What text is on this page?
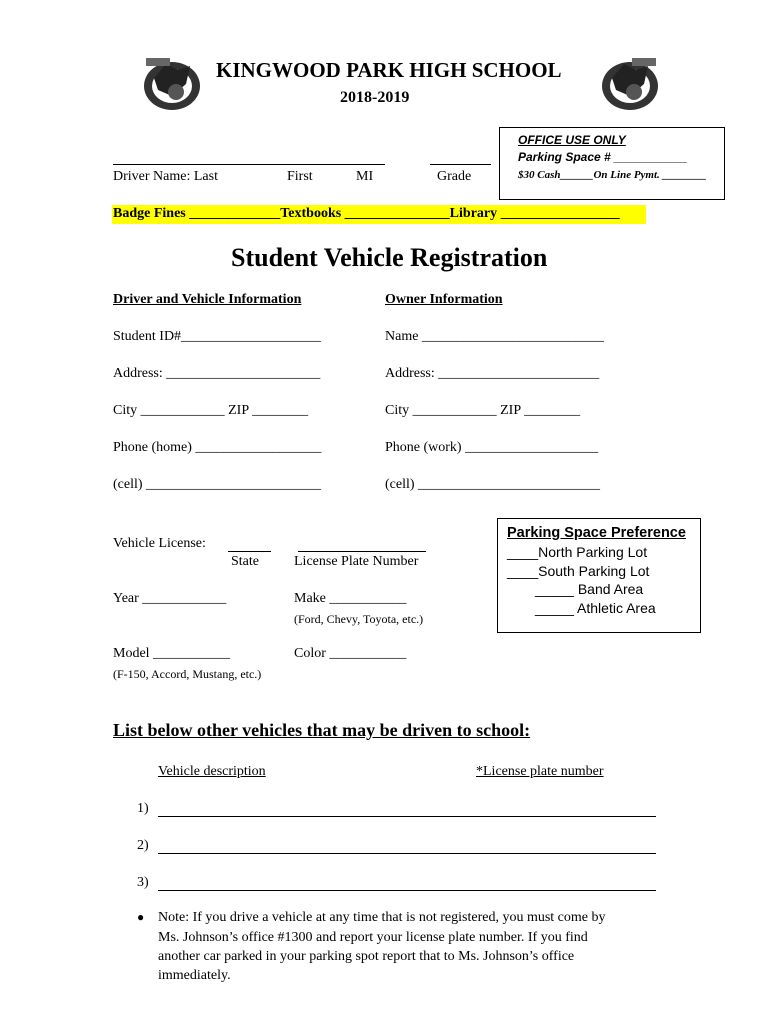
KINGWOOD PARK HIGH SCHOOL
2018-2019
Driver Name: Last	First	MI	Grade
OFFICE USE ONLY
Parking Space # ___________
$30 Cash______On Line Pymt. ________
Badge Fines _____________Textbooks _______________Library _________________
Student Vehicle Registration
Driver and Vehicle Information
Student ID#____________________
Address: ______________________
City ____________ ZIP ________
Phone (home) __________________
(cell) _________________________
Owner Information
Name __________________________
Address: _______________________
City ____________ ZIP ________
Phone (work) ___________________
(cell) __________________________
Vehicle License:
State	License Plate Number
Year ____________	Make ___________
(Ford, Chevy, Toyota, etc.)
Model ___________	Color ___________
(F-150, Accord, Mustang, etc.)
Parking Space Preference
____North Parking Lot
____South Parking Lot
_____ Band Area
_____ Athletic Area
List below other vehicles that may be driven to school:
Vehicle description	*License plate number
1)
2)
3)
● Note: If you drive a vehicle at any time that is not registered, you must come by
Ms. Johnson’s office #1300 and report your license plate number. If you find
another car parked in your parking spot report that to Ms. Johnson’s office
immediately.
